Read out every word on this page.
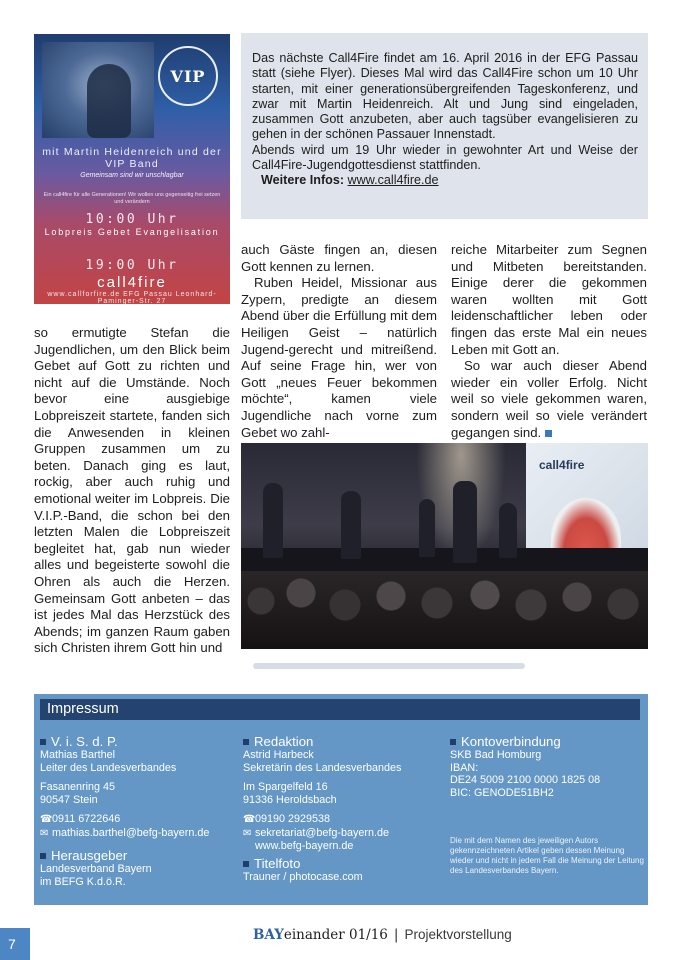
VIP
mit Martin Heidenreich und der VIP Band
Gemeinsam sind wir unschlagbar
Ein call4fire für alle Generationen! Wir wollen uns gegenseitig frei setzen und verändern
10:00 Uhr
Lobpreis Gebet Evangelisation
19:00 Uhr
call4fire
www.callforfire.de EFG Passau Leonhard-Paminger-Str. 27
Das nächste Call4Fire findet am 16. April 2016 in der EFG Passau statt (siehe Flyer). Dieses Mal wird das Call4Fire schon um 10 Uhr starten, mit einer generationsübergreifenden Tageskonferenz, und zwar mit Martin Heidenreich. Alt und Jung sind eingeladen, zusammen Gott anzubeten, aber auch tagsüber evangelisieren zu gehen in der schönen Passauer Innenstadt.
Abends wird um 19 Uhr wieder in gewohnter Art und Weise der Call4Fire-Jugendgottesdienst stattfinden.
Weitere Infos: www.call4fire.de
so ermutigte Stefan die Jugendlichen, um den Blick beim Gebet auf Gott zu richten und nicht auf die Umstände. Noch bevor eine ausgiebige Lobpreiszeit startete, fanden sich die Anwesenden in kleinen Gruppen zusammen um zu beten. Danach ging es laut, rockig, aber auch ruhig und emotional weiter im Lobpreis. Die V.I.P.-Band, die schon bei den letzten Malen die Lobpreiszeit begleitet hat, gab nun wieder alles und begeisterte sowohl die Ohren als auch die Herzen. Gemeinsam Gott anbeten – das ist jedes Mal das Herzstück des Abends; im ganzen Raum gaben sich Christen ihrem Gott hin und
auch Gäste fingen an, diesen Gott kennen zu lernen.
Ruben Heidel, Missionar aus Zypern, predigte an diesem Abend über die Erfüllung mit dem Heiligen Geist – natürlich Jugend-gerecht und mitreißend. Auf seine Frage hin, wer von Gott „neues Feuer bekommen möchte“, kamen viele Jugendliche nach vorne zum Gebet wo zahl-
reiche Mitarbeiter zum Segnen und Mitbeten bereitstanden. Einige derer die gekommen waren wollten mit Gott leidenschaftlicher leben oder fingen das erste Mal ein neues Leben mit Gott an.
So war auch dieser Abend wieder ein voller Erfolg. Nicht weil so viele gekommen waren, sondern weil so viele verändert gegangen sind.
call4fire
Impressum
V. i. S. d. P.
Mathias Barthel
Leiter des Landesverbandes
Fasanenring 45
90547 Stein
☎0911 6722646
✉ mathias.barthel@befg-bayern.de
Herausgeber
Landesverband Bayern
im BEFG K.d.ö.R.
Redaktion
Astrid Harbeck
Sekretärin des Landesverbandes
Im Spargelfeld 16
91336 Heroldsbach
☎09190 2929538
✉ sekretariat@befg-bayern.de
www.befg-bayern.de
Titelfoto
Trauner / photocase.com
Kontoverbindung
SKB Bad Homburg
IBAN:
DE24 5009 2100 0000 1825 08
BIC: GENODE51BH2
Die mit dem Namen des jeweiligen Autors gekennzeichneten Artikel geben dessen Meinung wieder und nicht in jedem Fall die Meinung der Leitung des Landesverbandes Bayern.
7
BAYeinander 01/16 | Projektvorstellung
